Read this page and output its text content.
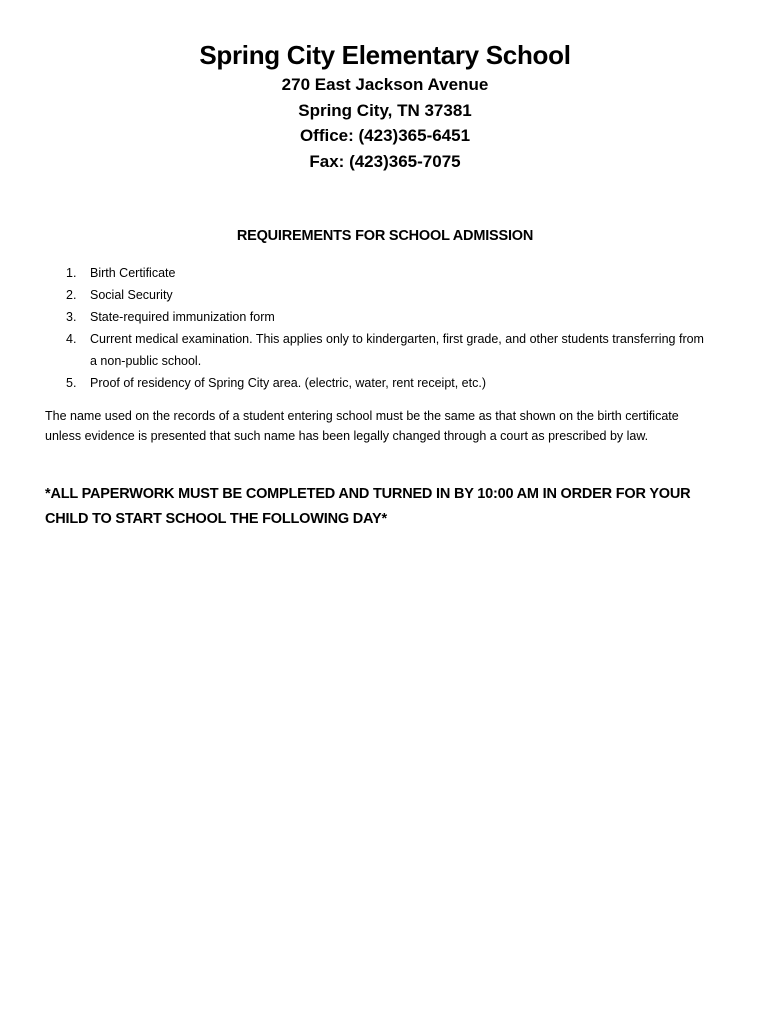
Spring City Elementary School

270 East Jackson Avenue

Spring City, TN 37381

Office: (423)365-6451

Fax: (423)365-7075

REQUIREMENTS FOR SCHOOL ADMISSION

1.	Birth Certificate
2.	Social Security
3.	State-required immunization form
4.	Current medical examination. This applies only to kindergarten, first grade, and other students transferring from a non-public school.
5.	Proof of residency of Spring City area. (electric, water, rent receipt, etc.)

The name used on the records of a student entering school must be the same as that shown on the birth certificate unless evidence is presented that such name has been legally changed through a court as prescribed by law.

*ALL PAPERWORK MUST BE COMPLETED AND TURNED IN BY 10:00 AM IN ORDER FOR YOUR CHILD TO START SCHOOL THE FOLLOWING DAY*
